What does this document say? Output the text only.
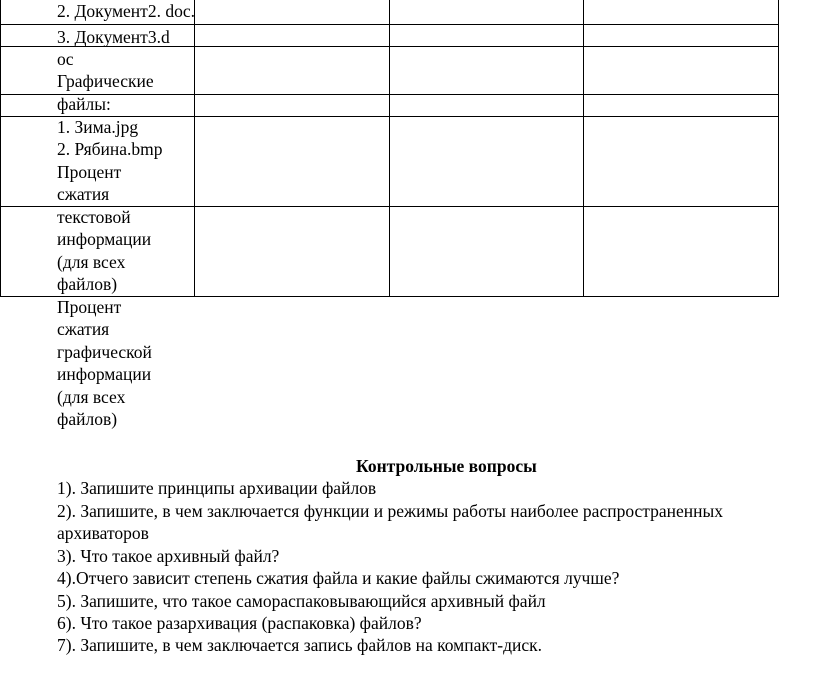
2. Документ2. doc.
3. Документ3.d
oc
Графические
файлы:
1. Зима.jpg
2. Рябина.bmp
Процент
сжатия
текстовой
информации
(для всех
файлов)
Процент
сжатия
графической
информации
(для всех
файлов)
Контрольные вопросы
1). Запишите принципы архивации файлов
2). Запишите, в чем заключается функции и режимы работы наиболее распространенных
архиваторов
3). Что такое архивный файл?
4).Отчего зависит степень сжатия файла и какие файлы сжимаются лучше?
5). Запишите, что такое самораспаковывающийся архивный файл
6). Что такое разархивация (распаковка) файлов?
7). Запишите, в чем заключается запись файлов на компакт-диск.
